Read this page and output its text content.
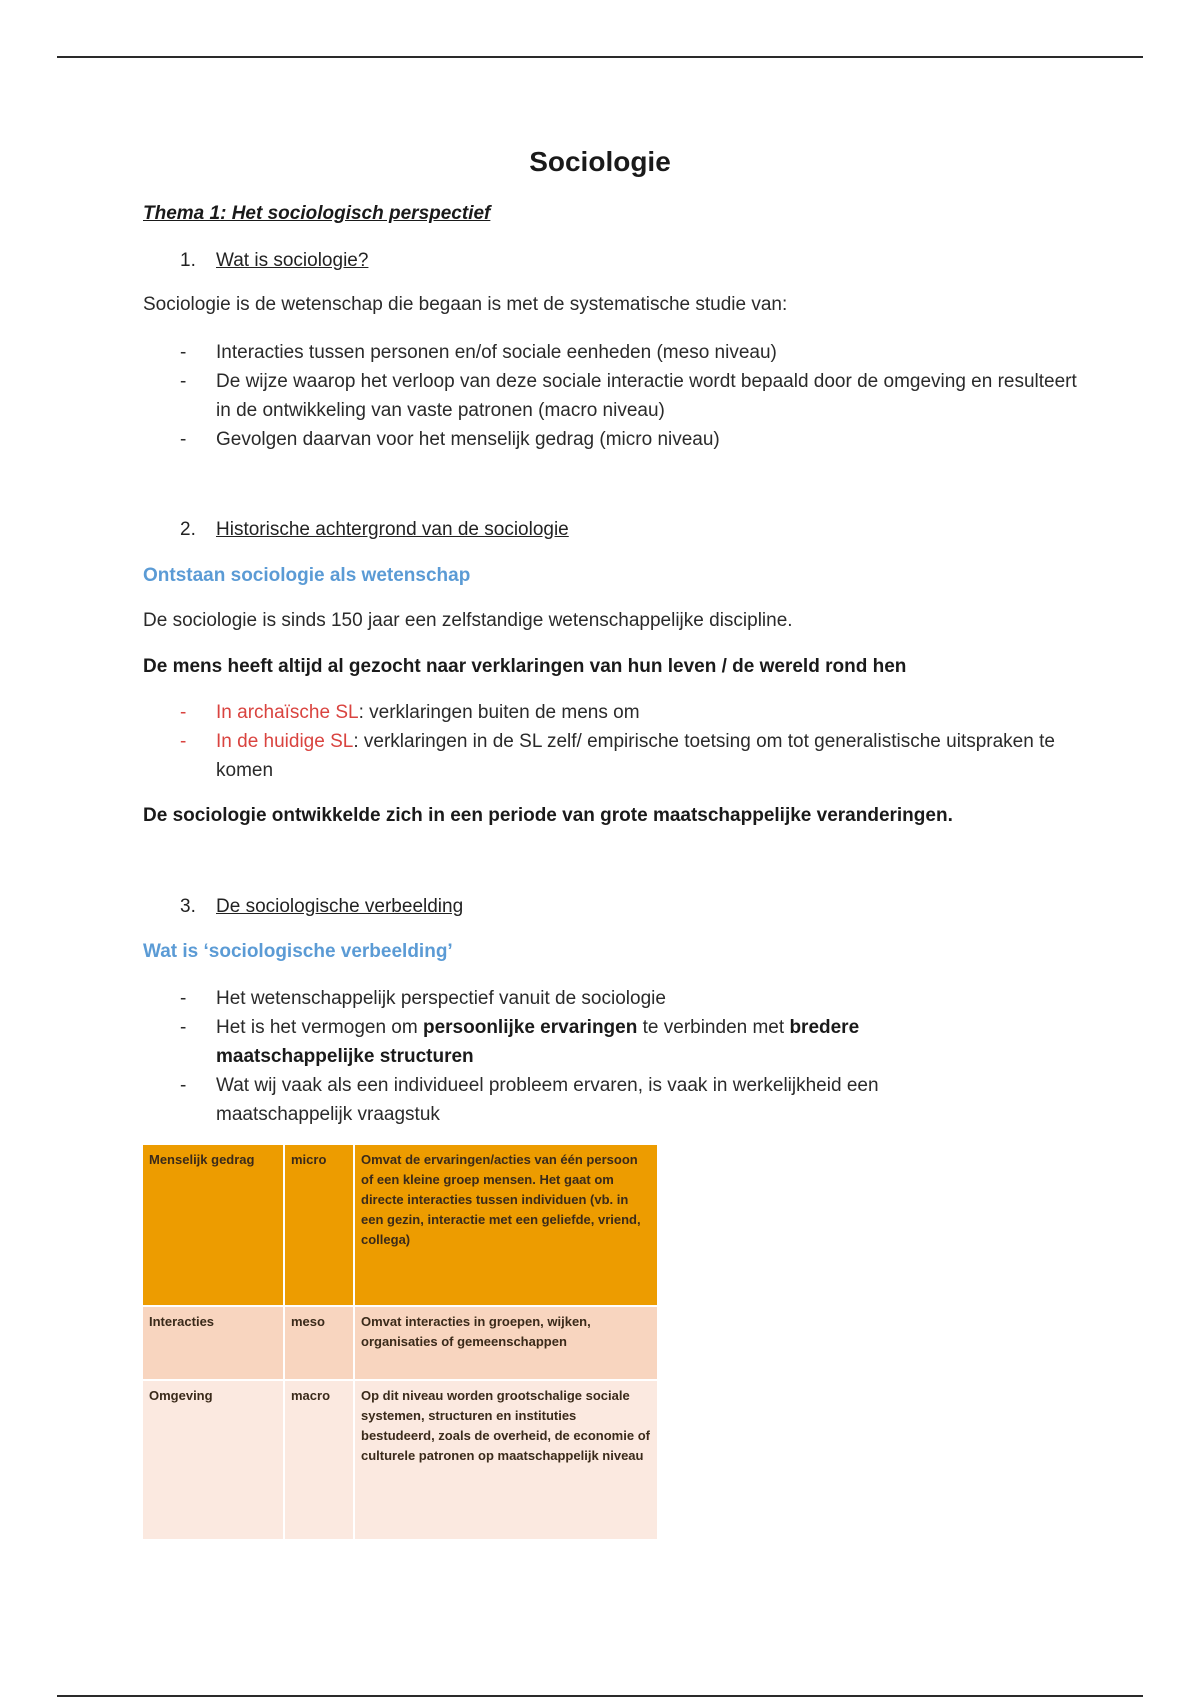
Sociologie
Thema 1: Het sociologisch perspectief
1. Wat is sociologie?
Sociologie is de wetenschap die begaan is met de systematische studie van:
- Interacties tussen personen en/of sociale eenheden (meso niveau)
- De wijze waarop het verloop van deze sociale interactie wordt bepaald door de omgeving en resulteert in de ontwikkeling van vaste patronen (macro niveau)
- Gevolgen daarvan voor het menselijk gedrag (micro niveau)
2. Historische achtergrond van de sociologie
Ontstaan sociologie als wetenschap
De sociologie is sinds 150 jaar een zelfstandige wetenschappelijke discipline.
De mens heeft altijd al gezocht naar verklaringen van hun leven / de wereld rond hen
- In archaïsche SL: verklaringen buiten de mens om
- In de huidige SL: verklaringen in de SL zelf/ empirische toetsing om tot generalistische uitspraken te komen
De sociologie ontwikkelde zich in een periode van grote maatschappelijke veranderingen.
3. De sociologische verbeelding
Wat is ‘sociologische verbeelding’
- Het wetenschappelijk perspectief vanuit de sociologie
- Het is het vermogen om persoonlijke ervaringen te verbinden met bredere maatschappelijke structuren
- Wat wij vaak als een individueel probleem ervaren, is vaak in werkelijkheid een maatschappelijk vraagstuk
Menselijk gedrag	micro	Omvat de ervaringen/acties van één persoon of een kleine groep mensen. Het gaat om directe interacties tussen individuen (vb. in een gezin, interactie met een geliefde, vriend, collega)
Interacties	meso	Omvat interacties in groepen, wijken, organisaties of gemeenschappen
Omgeving	macro	Op dit niveau worden grootschalige sociale systemen, structuren en instituties bestudeerd, zoals de overheid, de economie of culturele patronen op maatschappelijk niveau
